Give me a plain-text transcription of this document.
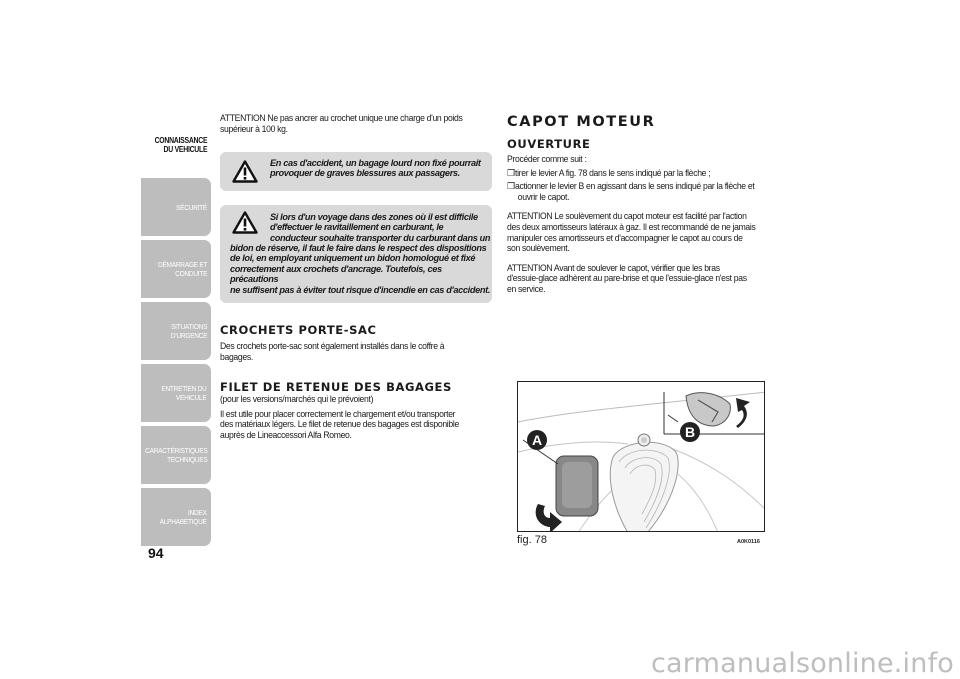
CONNAISSANCE
DU VEHICULE
SÉCURITÉ
DÉMARRAGE ET
CONDUITE
SITUATIONS
D'URGENCE
ENTRETIEN DU
VEHICULE
CARACTÉRISTIQUES
TECHNIQUES
INDEX
ALPHABETIQUE
94

ATTENTION Ne pas ancrer au crochet unique une charge d'un poids

supérieur à 100 kg.

En cas d'accident, un bagage lourd non fixé pourrait

provoquer de graves blessures aux passagers.

Si lors d'un voyage dans des zones où il est difficile

d'effectuer le ravitaillement en carburant, le

conducteur souhaite transporter du carburant dans un

bidon de réserve, il faut le faire dans le respect des dispositions

de loi, en employant uniquement un bidon homologué et fixé

correctement aux crochets d'ancrage. Toutefois, ces précautions

ne suffisent pas à éviter tout risque d'incendie en cas d'accident.

CROCHETS PORTE-SAC

Des crochets porte-sac sont également installés dans le coffre à

bagages.

FILET DE RETENUE DES BAGAGES

(pour les versions/marchés qui le prévoient)

Il est utile pour placer correctement le chargement et/ou transporter

des matériaux légers. Le filet de retenue des bagages est disponible

auprès de Lineaccessori Alfa Romeo.

CAPOT MOTEUR

OUVERTURE

Procéder comme suit :

❒ tirer le levier A fig. 78 dans le sens indiqué par la flèche ;

❒ actionner le levier B en agissant dans le sens indiqué par la flèche et

ouvrir le capot.

ATTENTION Le soulèvement du capot moteur est facilité par l'action

des deux amortisseurs latéraux à gaz. Il est recommandé de ne jamais

manipuler ces amortisseurs et d'accompagner le capot au cours de

son soulèvement.

ATTENTION Avant de soulever le capot, vérifier que les bras

d'essuie-glace adhèrent au pare-brise et que l'essuie-glace n'est pas

en service.

A	B
fig. 78	A0K0116
carmanualsonline.info
